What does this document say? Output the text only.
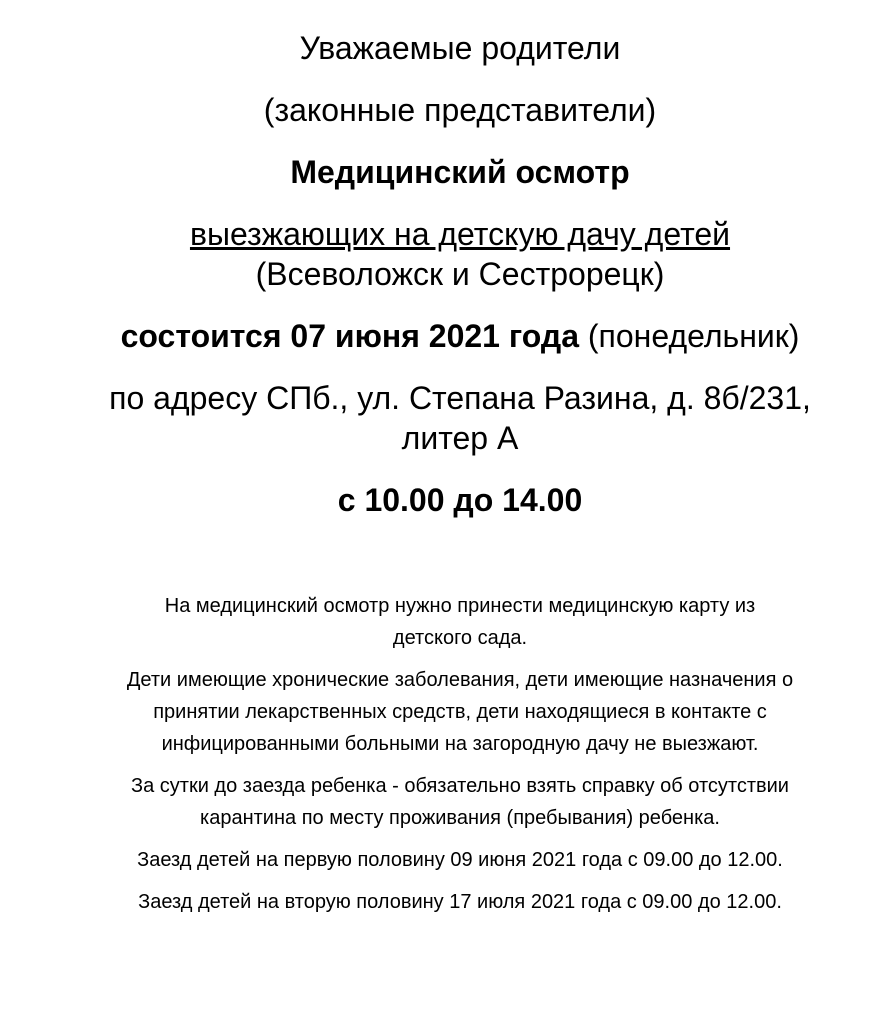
Уважаемые родители
(законные представители)
Медицинский осмотр
выезжающих на детскую дачу детей
(Всеволожск и Сестрорецк)
состоится 07 июня 2021 года (понедельник)
по адресу СПб., ул. Степана Разина, д. 8б/231,
литер А
с 10.00 до 14.00
На медицинский осмотр нужно принести медицинскую карту из
детского сада.
Дети имеющие хронические заболевания, дети имеющие назначения о
принятии лекарственных средств, дети находящиеся в контакте с
инфицированными больными на загородную дачу не выезжают.
За сутки до заезда ребенка - обязательно взять справку об отсутствии
карантина по месту проживания (пребывания) ребенка.
Заезд детей на первую половину 09 июня 2021 года с 09.00 до 12.00.
Заезд детей на вторую половину 17 июля 2021 года с 09.00 до 12.00.
